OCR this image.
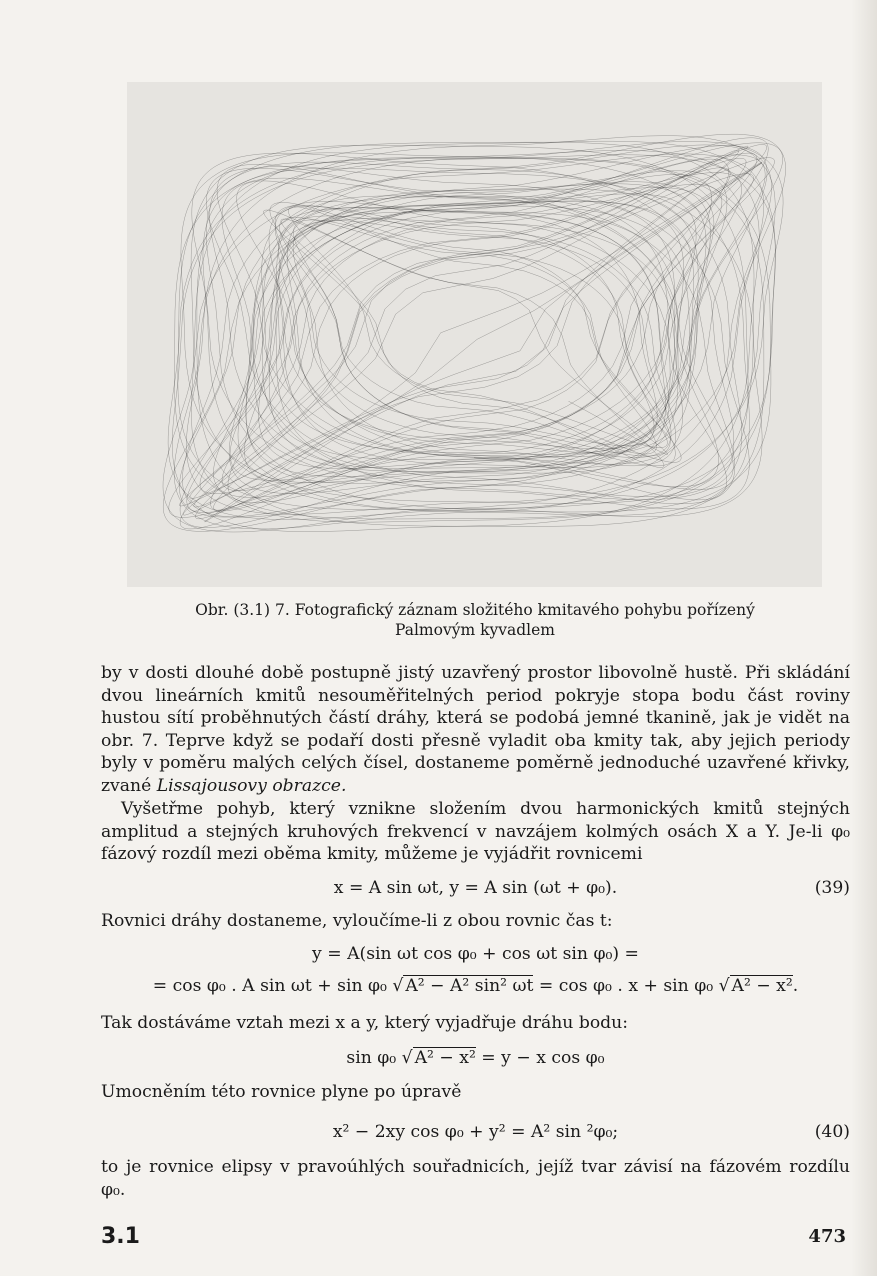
Obr. (3.1) 7. Fotografický záznam složitého kmitavého pohybu pořízený
Palmovým kyvadlem

by v dosti dlouhé době postupně jistý uzavřený prostor libovolně hustě. Při skládání dvou lineárních kmitů nesouměřitelných period pokryje stopa bodu část roviny hustou sítí proběhnutých částí dráhy, která se podobá jemné tkanině, jak je vidět na obr. 7. Teprve když se podaří dosti přesně vyladit oba kmity tak, aby jejich periody byly v poměru malých celých čísel, dostaneme poměrně jednoduché uzavřené křivky, zvané Lissajousovy obrazce.

Vyšetřme pohyb, který vznikne složením dvou harmonických kmitů stejných amplitud a stejných kruhových frekvencí v navzájem kolmých osách X a Y. Je-li φ₀ fázový rozdíl mezi oběma kmity, můžeme je vyjádřit rovnicemi

x = A sin ωt, y = A sin (ωt + φ₀).	(39)

Rovnici dráhy dostaneme, vyloučíme-li z obou rovnic čas t:

y = A(sin ωt cos φ₀ + cos ωt sin φ₀) =
= cos φ₀ . A sin ωt + sin φ₀ √ A² − A² sin² ωt = cos φ₀ . x + sin φ₀ √ A² − x².

Tak dostáváme vztah mezi x a y, který vyjadřuje dráhu bodu:

sin φ₀ √ A² − x² = y − x cos φ₀

Umocněním této rovnice plyne po úpravě

x² − 2xy cos φ₀ + y² = A² sin ²φ₀;	(40)

to je rovnice elipsy v pravoúhlých souřadnicích, jejíž tvar závisí na fázovém rozdílu φ₀.

3.1	473
